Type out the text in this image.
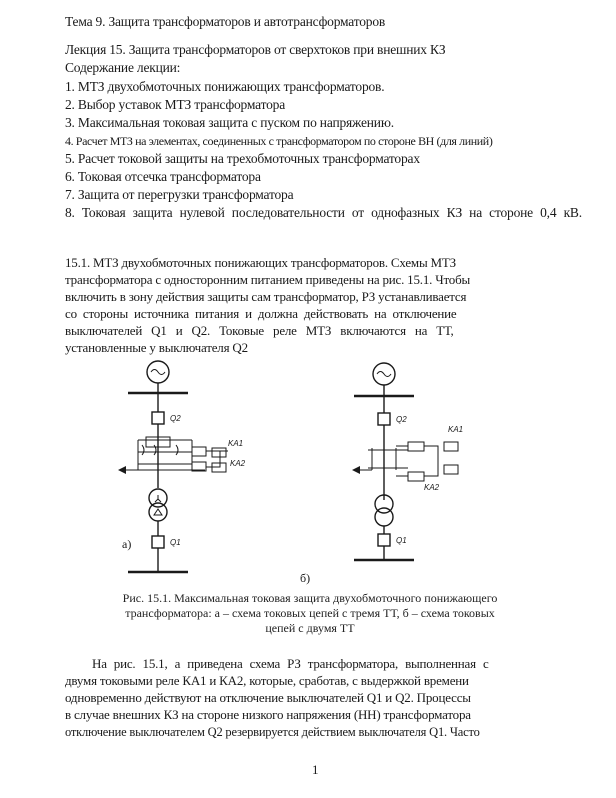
Тема 9. Защита трансформаторов и автотрансформаторов
Лекция 15. Защита трансформаторов от сверхтоков при внешних КЗ
Содержание лекции:
1. МТЗ двухобмоточных понижающих трансформаторов.
2. Выбор уставок МТЗ трансформатора
3. Максимальная токовая защита с пуском по напряжению.
4. Расчет МТЗ на элементах, соединенных с трансформатором по стороне ВН (для линий)
5. Расчет токовой защиты на трехобмоточных трансформаторах
6. Токовая отсечка трансформатора
7. Защита от перегрузки трансформатора
8. Токовая защита нулевой последовательности от однофазных КЗ на стороне 0,4 кВ.
15.1. МТЗ двухобмоточных понижающих трансформаторов. Схемы МТЗ
трансформатора с односторонним питанием приведены на рис. 15.1. Чтобы
включить в зону действия защиты сам трансформатор, РЗ устанавливается
со стороны источника питания и должна действовать на отключение
выключателей Q1 и Q2. Токовые реле МТЗ включаются на ТТ,
установленные у выключателя Q2
Q2
KA1
KA2
Q1
а)
Q2
KA1
KA2
Q1
б)
Рис. 15.1. Максимальная токовая защита двухобмоточного понижающего
трансформатора: а – схема токовых цепей с тремя ТТ, б – схема токовых
цепей с двумя ТТ
На рис. 15.1, а приведена схема РЗ трансформатора, выполненная с
двумя токовыми реле КА1 и КА2, которые, сработав, с выдержкой времени
одновременно действуют на отключение выключателей Q1 и Q2. Процессы
в случае внешних КЗ на стороне низкого напряжения (НН) трансформатора
отключение выключателем Q2 резервируется действием выключателя Q1. Часто
1
